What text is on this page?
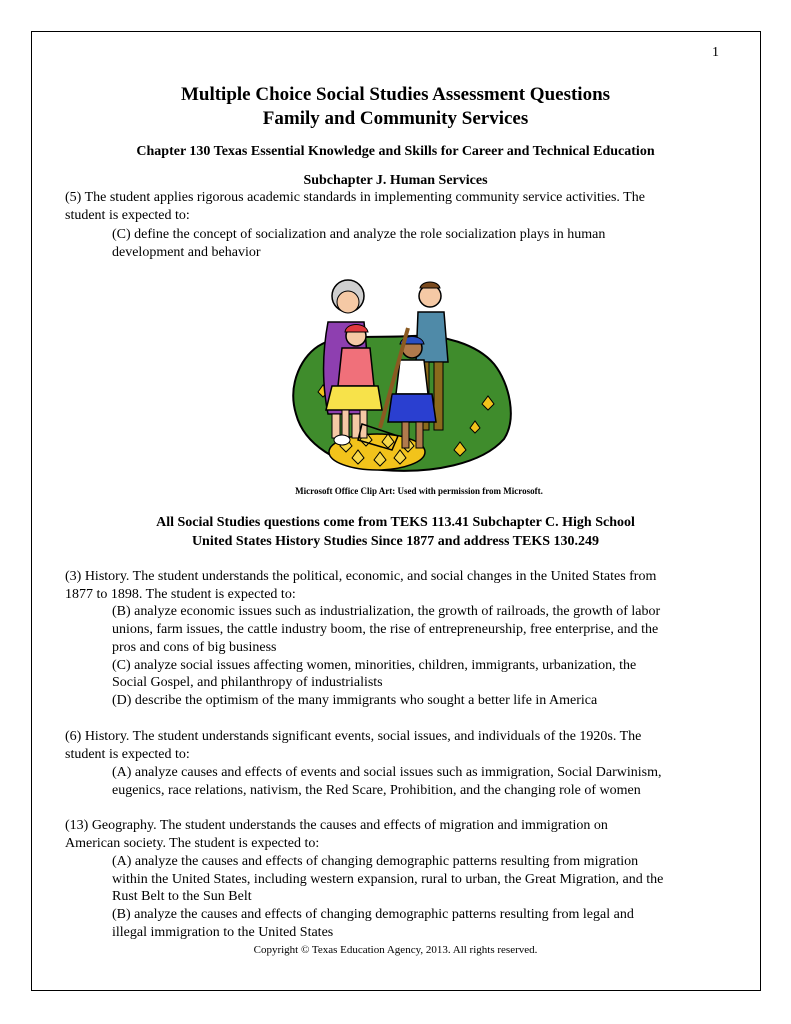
1
Multiple Choice Social Studies Assessment Questions
Family and Community Services
Chapter 130 Texas Essential Knowledge and Skills for Career and Technical Education
Subchapter J. Human Services
(5) The student applies rigorous academic standards in implementing community service activities. The
student is expected to:
(C) define the concept of socialization and analyze the role socialization plays in human
development and behavior
Microsoft Office Clip Art: Used with permission from Microsoft.
All Social Studies questions come from TEKS 113.41 Subchapter C. High School
United States History Studies Since 1877 and address TEKS 130.249
(3) History. The student understands the political, economic, and social changes in the United States from
1877 to 1898. The student is expected to:
(B) analyze economic issues such as industrialization, the growth of railroads, the growth of labor
unions, farm issues, the cattle industry boom, the rise of entrepreneurship, free enterprise, and the
pros and cons of big business
(C) analyze social issues affecting women, minorities, children, immigrants, urbanization, the
Social Gospel, and philanthropy of industrialists
(D) describe the optimism of the many immigrants who sought a better life in America
(6) History. The student understands significant events, social issues, and individuals of the 1920s. The
student is expected to:
(A) analyze causes and effects of events and social issues such as immigration, Social Darwinism,
eugenics, race relations, nativism, the Red Scare, Prohibition, and the changing role of women
(13) Geography. The student understands the causes and effects of migration and immigration on
American society. The student is expected to:
(A) analyze the causes and effects of changing demographic patterns resulting from migration
within the United States, including western expansion, rural to urban, the Great Migration, and the
Rust Belt to the Sun Belt
(B) analyze the causes and effects of changing demographic patterns resulting from legal and
illegal immigration to the United States
Copyright © Texas Education Agency, 2013. All rights reserved.
